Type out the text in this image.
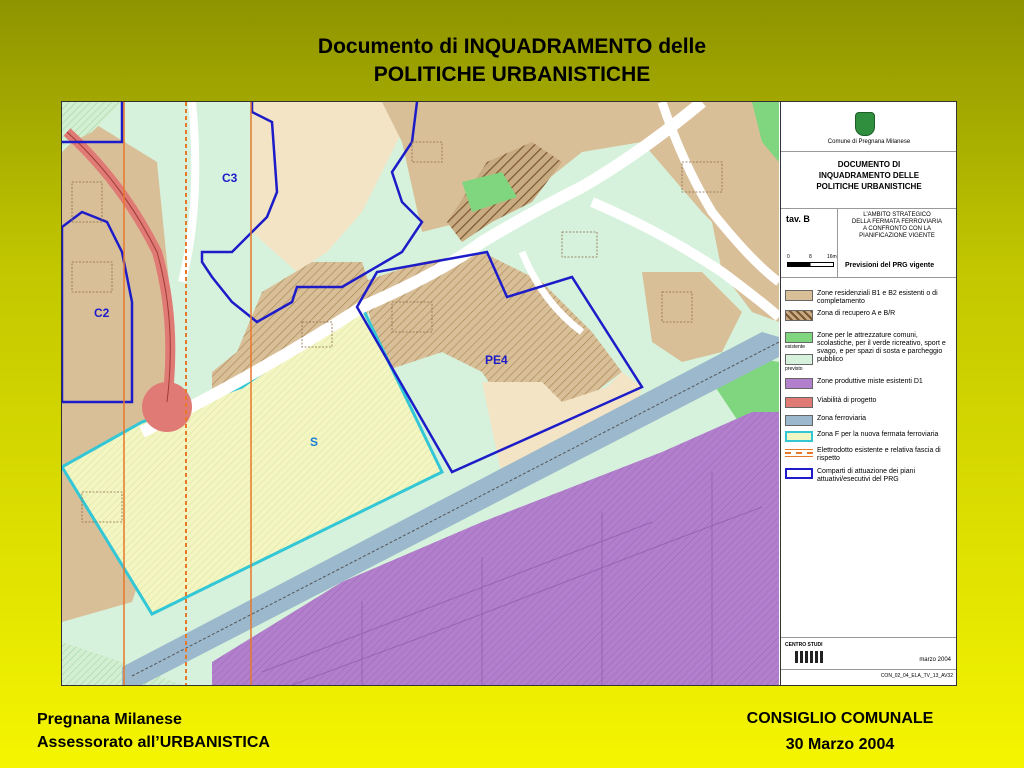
Documento di INQUADRAMENTO delle
POLITICHE URBANISTICHE
C3
C2
PE4
S
Comune di Pregnana Milanese
DOCUMENTO DI
INQUADRAMENTO DELLE
POLITICHE URBANISTICHE
tav. B	L'AMBITO STRATEGICO
DELLA FERMATA FERROVIARIA
A CONFRONTO CON LA
PIANIFICAZIONE VIGENTE
0	8	16m
Previsioni del PRG vigente
Zone residenziali B1 e B2 esistenti o di completamento
Zona di recupero A e B/R
esistente
previsto
Zone per le attrezzature comuni, scolastiche, per il verde ricreativo, sport e svago, e per spazi di sosta e parcheggio pubblico
Zone produttive miste esistenti D1
Viabilità di progetto
Zona ferroviaria
Zona F per la nuova fermata ferroviaria
Elettrodotto esistente e relativa fascia di rispetto
Comparti di attuazione dei piani attuativi/esecutivi del PRG
CENTRO STUDI
marzo 2004
CON_02_04_ELA_TV_13_AV32
Pregnana Milanese
Assessorato all’URBANISTICA
CONSIGLIO COMUNALE
30 Marzo 2004
